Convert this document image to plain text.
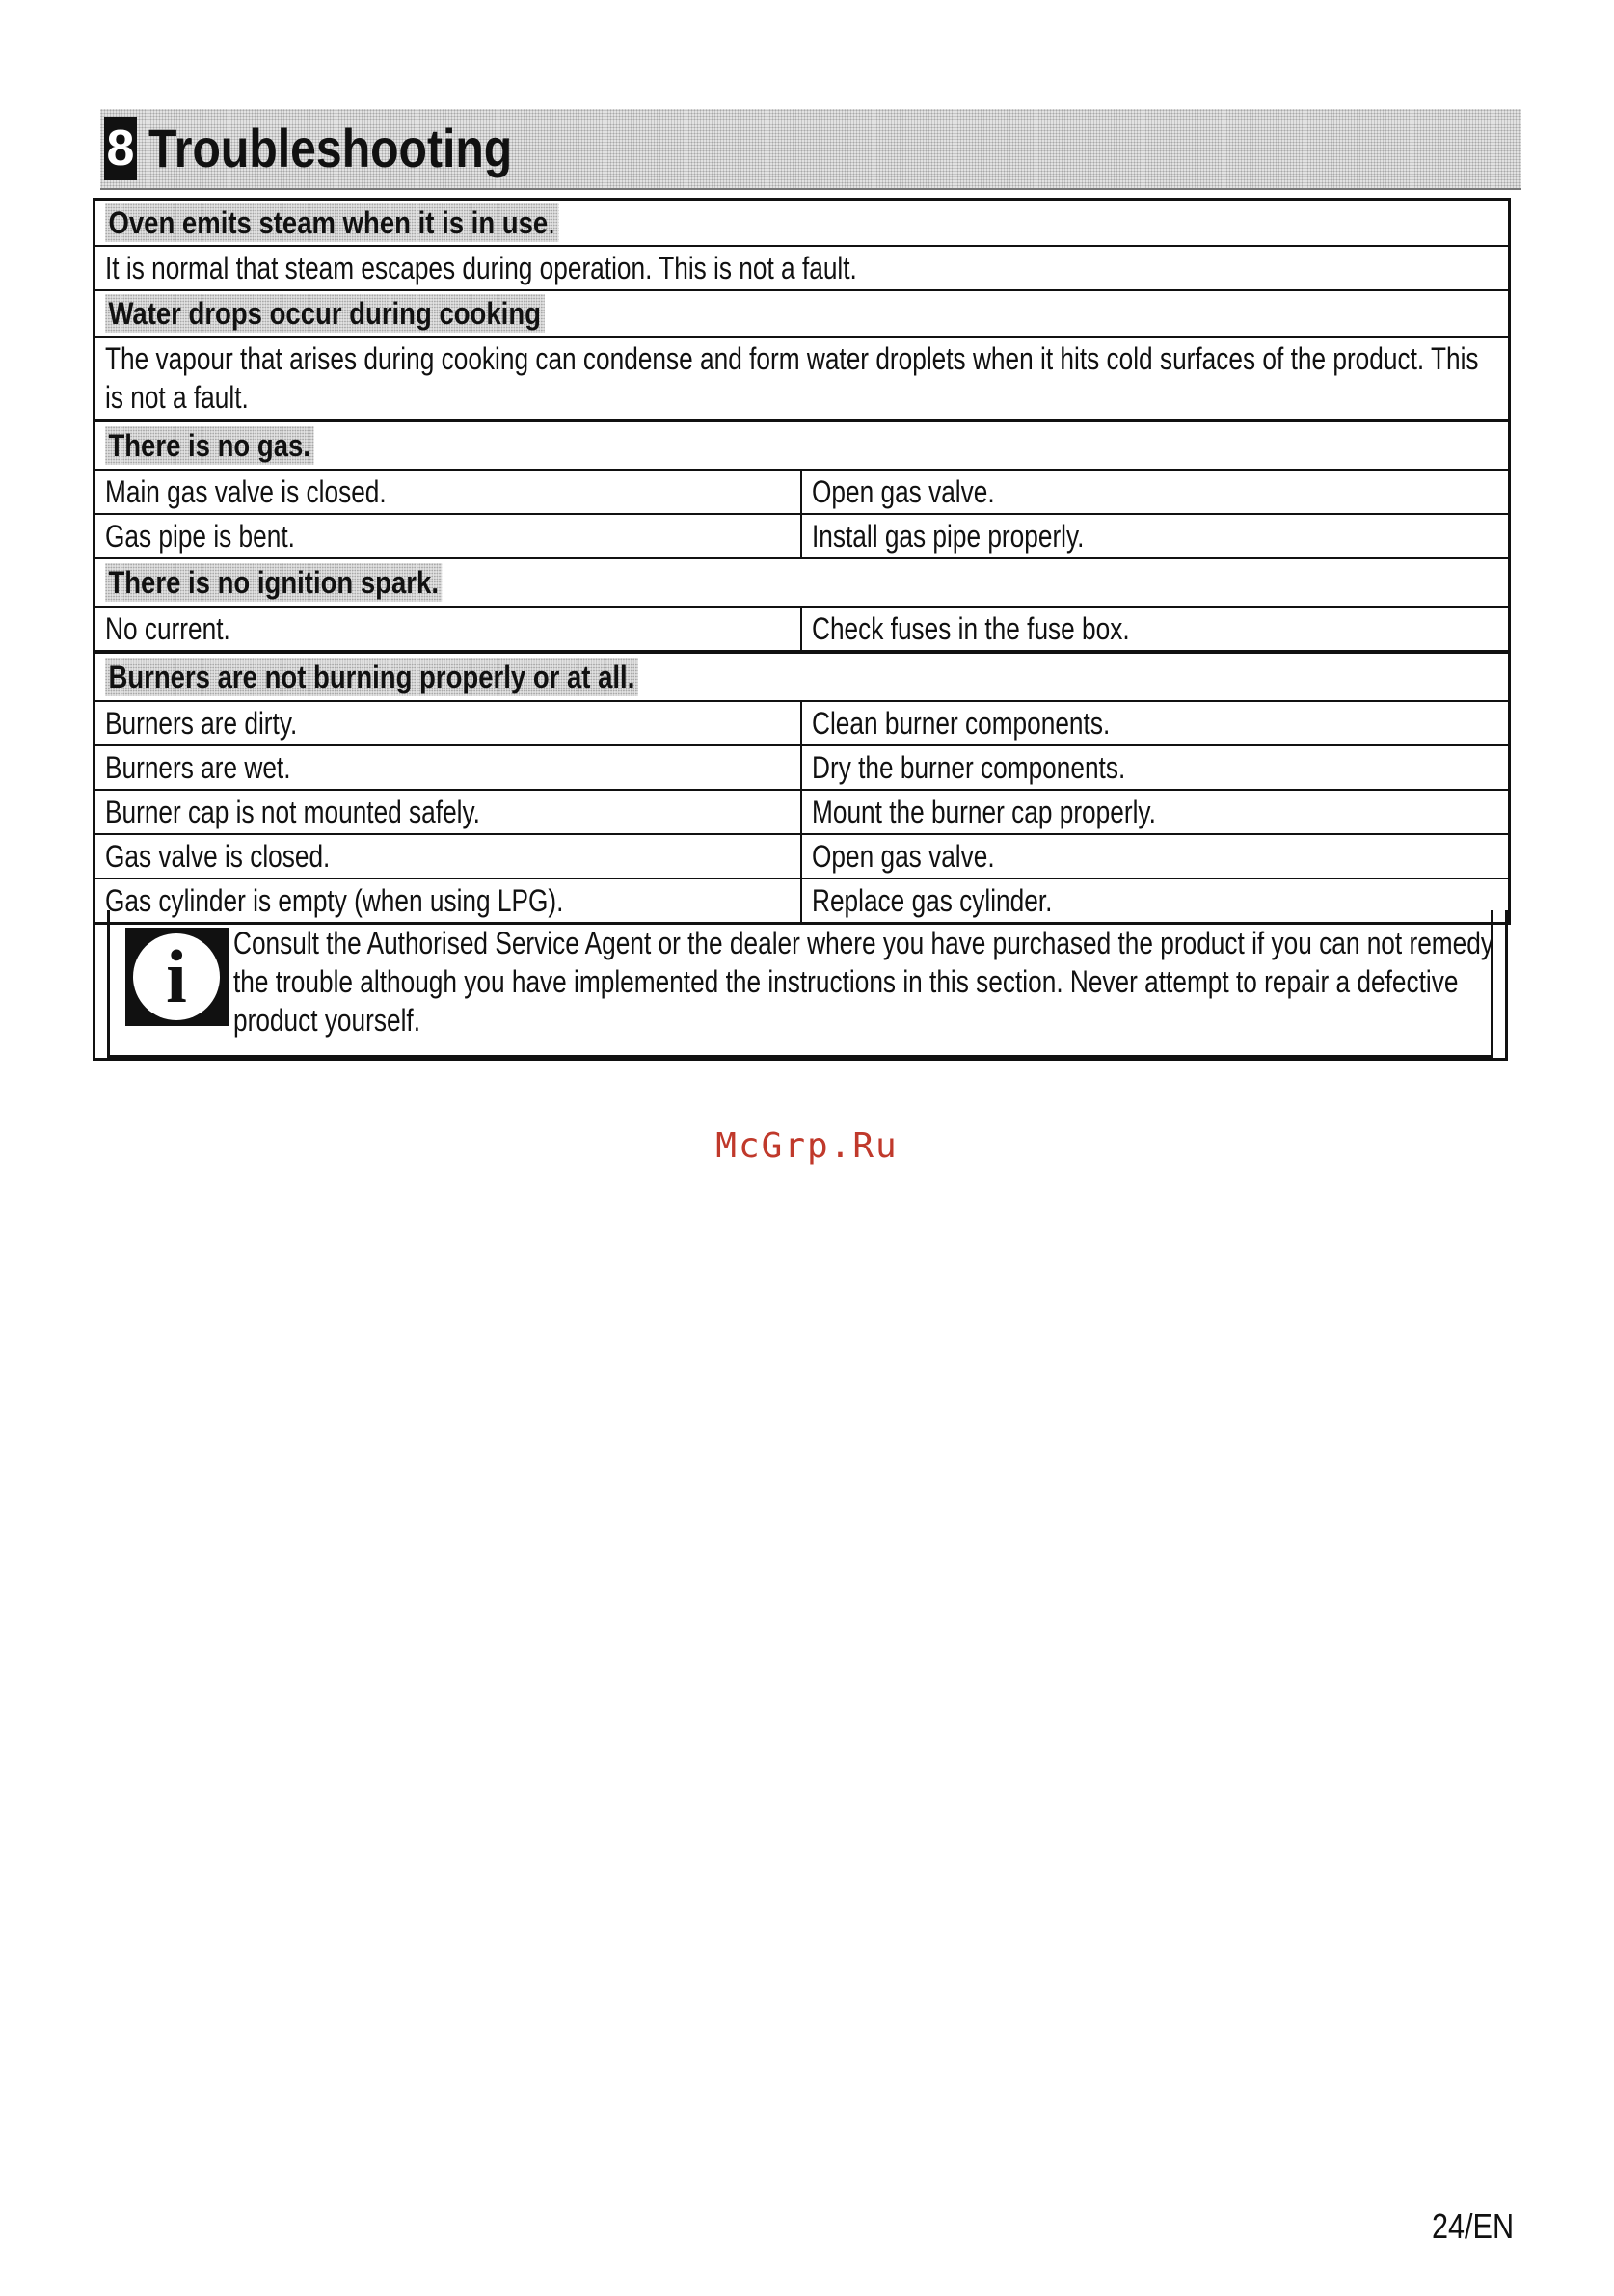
8 Troubleshooting
Oven emits steam when it is in use.	
It is normal that steam escapes during operation. This is not a fault.	
Water drops occur during cooking	

The vapour that arises during cooking can condense and form water droplets when it hits cold surfaces of the product. This is not a fault.	

There is no gas.	
Main gas valve is closed.	Open gas valve.
Gas pipe is bent.	Install gas pipe properly.
There is no ignition spark.	
No current.	Check fuses in the fuse box.
Burners are not burning properly or at all.	
Burners are dirty.	Clean burner components.
Burners are wet.	Dry the burner components.
Burner cap is not mounted safely.	Mount the burner cap properly.
Gas valve is closed.	Open gas valve.
Gas cylinder is empty (when using LPG).	Replace gas cylinder.
i	Consult the Authorised Service Agent or the dealer where you have purchased the product if you can not remedy the trouble although you have implemented the instructions in this section. Never attempt to repair a defective product yourself.
McGrp.Ru
24/EN
